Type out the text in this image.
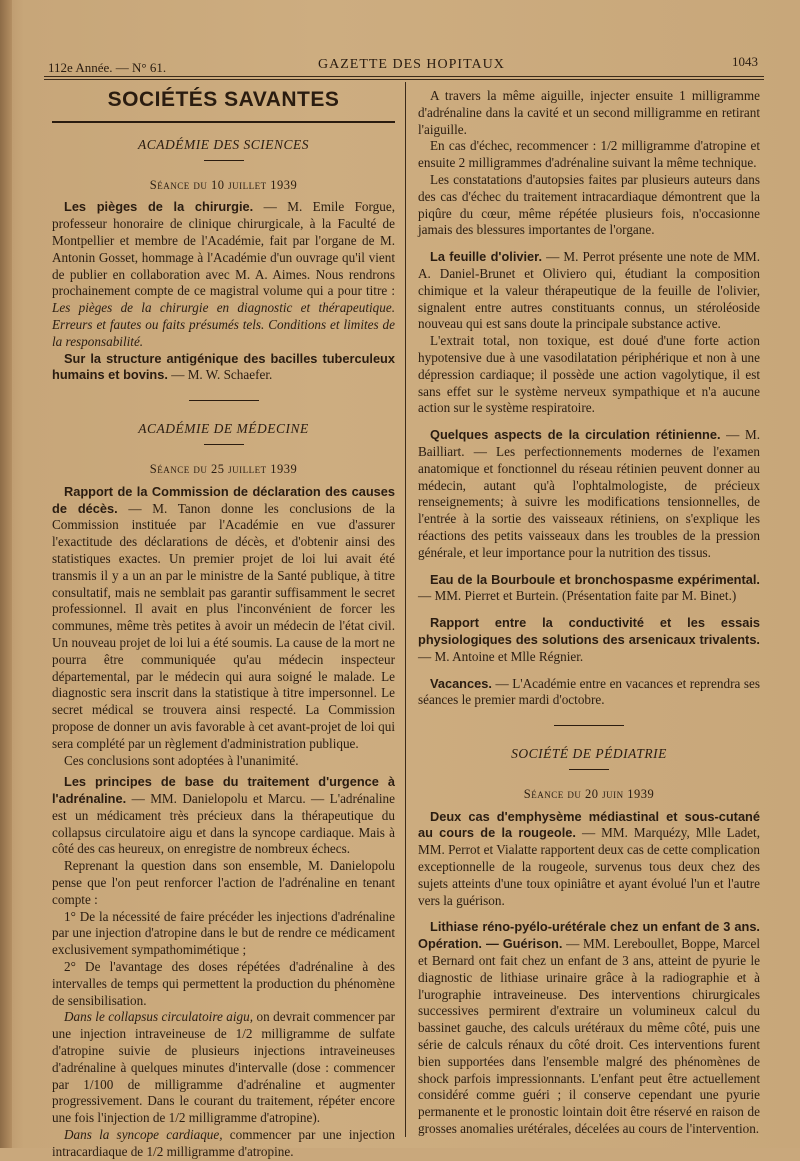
112e Année. — N° 61.	GAZETTE DES HOPITAUX	1043
SOCIÉTÉS SAVANTES
ACADÉMIE DES SCIENCES
Séance du 10 juillet 1939

Les pièges de la chirurgie. — M. Emile Forgue, professeur honoraire de clinique chirurgicale, à la Faculté de Montpellier et membre de l'Académie, fait par l'organe de M. Antonin Gosset, hommage à l'Académie d'un ouvrage qu'il vient de publier en collaboration avec M. A. Aimes. Nous rendrons prochainement compte de ce magistral volume qui a pour titre : Les pièges de la chirurgie en diagnostic et thérapeutique. Erreurs et fautes ou faits présumés tels. Conditions et limites de la responsabilité.

Sur la structure antigénique des bacilles tuberculeux humains et bovins. — M. W. Schaefer.

ACADÉMIE DE MÉDECINE
Séance du 25 juillet 1939

Rapport de la Commission de déclaration des causes de décès. — M. Tanon donne les conclusions de la Commission instituée par l'Académie en vue d'assurer l'exactitude des déclarations de décès, et d'obtenir ainsi des statistiques exactes. Un premier projet de loi lui avait été transmis il y a un an par le ministre de la Santé publique, à titre consultatif, mais ne semblait pas garantir suffisamment le secret professionnel. Il avait en plus l'inconvénient de forcer les communes, même très petites à avoir un médecin de l'état civil. Un nouveau projet de loi lui a été soumis. La cause de la mort ne pourra être communiquée qu'au médecin inspecteur départemental, par le médecin qui aura soigné le malade. Le diagnostic sera inscrit dans la statistique à titre impersonnel. Le secret médical se trouvera ainsi respecté. La Commission propose de donner un avis favorable à cet avant-projet de loi qui sera complété par un règlement d'administration publique.

Ces conclusions sont adoptées à l'unanimité.

Les principes de base du traitement d'urgence à l'adrénaline. — MM. Danielopolu et Marcu. — L'adrénaline est un médicament très précieux dans la thérapeutique du collapsus circulatoire aigu et dans la syncope cardiaque. Mais à côté des cas heureux, on enregistre de nombreux échecs.

Reprenant la question dans son ensemble, M. Danielopolu pense que l'on peut renforcer l'action de l'adrénaline en tenant compte :

1° De la nécessité de faire précéder les injections d'adrénaline par une injection d'atropine dans le but de rendre ce médicament exclusivement sympathomimétique ;

2° De l'avantage des doses répétées d'adrénaline à des intervalles de temps qui permettent la production du phénomène de sensibilisation.

Dans le collapsus circulatoire aigu, on devrait commencer par une injection intraveineuse de 1/2 milligramme de sulfate d'atropine suivie de plusieurs injections intraveineuses d'adrénaline à quelques minutes d'intervalle (dose : commencer par 1/100 de milligramme d'adrénaline et augmenter progressivement. Dans le courant du traitement, répéter encore une fois l'injection de 1/2 milligramme d'atropine).

Dans la syncope cardiaque, commencer par une injection intracardiaque de 1/2 milligramme d'atropine.

A travers la même aiguille, injecter ensuite 1 milligramme d'adrénaline dans la cavité et un second milligramme en retirant l'aiguille.

En cas d'échec, recommencer : 1/2 milligramme d'atropine et ensuite 2 milligrammes d'adrénaline suivant la même technique.

Les constatations d'autopsies faites par plusieurs auteurs dans des cas d'échec du traitement intracardiaque démontrent que la piqûre du cœur, même répétée plusieurs fois, n'occasionne jamais des blessures importantes de l'organe.

La feuille d'olivier. — M. Perrot présente une note de MM. A. Daniel-Brunet et Oliviero qui, étudiant la composition chimique et la valeur thérapeutique de la feuille de l'olivier, signalent entre autres constituants connus, un stéroléoside nouveau qui est sans doute la principale substance active.

L'extrait total, non toxique, est doué d'une forte action hypotensive due à une vasodilatation périphérique et non à une dépression cardiaque; il possède une action vagolytique, il est sans effet sur le système nerveux sympathique et n'a aucune action sur le système respiratoire.

Quelques aspects de la circulation rétinienne. — M. Bailliart. — Les perfectionnements modernes de l'examen anatomique et fonctionnel du réseau rétinien peuvent donner au médecin, autant qu'à l'ophtalmologiste, de précieux renseignements; à suivre les modifications tensionnelles, de l'entrée à la sortie des vaisseaux rétiniens, on s'explique les réactions des petits vaisseaux dans les troubles de la pression générale, et leur importance pour la nutrition des tissus.

Eau de la Bourboule et bronchospasme expérimental. — MM. Pierret et Burtein. (Présentation faite par M. Binet.)

Rapport entre la conductivité et les essais physiologiques des solutions des arsenicaux trivalents. — M. Antoine et Mlle Régnier.

Vacances. — L'Académie entre en vacances et reprendra ses séances le premier mardi d'octobre.

SOCIÉTÉ DE PÉDIATRIE
Séance du 20 juin 1939

Deux cas d'emphysème médiastinal et sous-cutané au cours de la rougeole. — MM. Marquézy, Mlle Ladet, MM. Perrot et Vialatte rapportent deux cas de cette complication exceptionnelle de la rougeole, survenus tous deux chez des sujets atteints d'une toux opiniâtre et ayant évolué l'un et l'autre vers la guérison.

Lithiase réno-pyélo-urétérale chez un enfant de 3 ans. Opération. — Guérison. — MM. Lereboullet, Boppe, Marcel et Bernard ont fait chez un enfant de 3 ans, atteint de pyurie le diagnostic de lithiase urinaire grâce à la radiographie et à l'urographie intraveineuse. Des interventions chirurgicales successives permirent d'extraire un volumineux calcul du bassinet gauche, des calculs urétéraux du même côté, puis une série de calculs rénaux du côté droit. Ces interventions furent bien supportées dans l'ensemble malgré des phénomènes de shock parfois impressionnants. L'enfant peut être actuellement considéré comme guéri ; il conserve cependant une pyurie permanente et le pronostic lointain doit être réservé en raison de grosses anomalies urétérales, décelées au cours de l'intervention.
